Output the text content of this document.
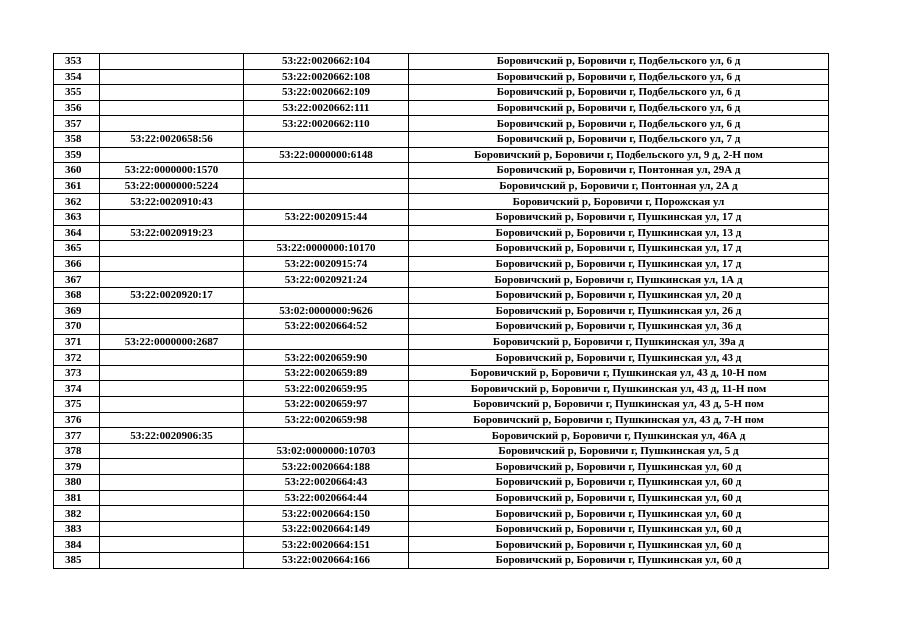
353		53:22:0020662:104	Боровичский р, Боровичи г, Подбельского ул, 6 д
354		53:22:0020662:108	Боровичский р, Боровичи г, Подбельского ул, 6 д
355		53:22:0020662:109	Боровичский р, Боровичи г, Подбельского ул, 6 д
356		53:22:0020662:111	Боровичский р, Боровичи г, Подбельского ул, 6 д
357		53:22:0020662:110	Боровичский р, Боровичи г, Подбельского ул, 6 д
358	53:22:0020658:56		Боровичский р, Боровичи г, Подбельского ул, 7 д
359		53:22:0000000:6148	Боровичский р, Боровичи г, Подбельского ул, 9 д, 2-Н пом
360	53:22:0000000:1570		Боровичский р, Боровичи г, Понтонная ул, 29А д
361	53:22:0000000:5224		Боровичский р, Боровичи г, Понтонная ул, 2А д
362	53:22:0020910:43		Боровичский р, Боровичи г, Порожская ул
363		53:22:0020915:44	Боровичский р, Боровичи г, Пушкинская ул, 17 д
364	53:22:0020919:23		Боровичский р, Боровичи г, Пушкинская ул, 13 д
365		53:22:0000000:10170	Боровичский р, Боровичи г, Пушкинская ул, 17 д
366		53:22:0020915:74	Боровичский р, Боровичи г, Пушкинская ул, 17 д
367		53:22:0020921:24	Боровичский р, Боровичи г, Пушкинская ул, 1А д
368	53:22:0020920:17		Боровичский р, Боровичи г, Пушкинская ул, 20 д
369		53:02:0000000:9626	Боровичский р, Боровичи г, Пушкинская ул, 26 д
370		53:22:0020664:52	Боровичский р, Боровичи г, Пушкинская ул, 36 д
371	53:22:0000000:2687		Боровичский р, Боровичи г, Пушкинская ул, 39а д
372		53:22:0020659:90	Боровичский р, Боровичи г, Пушкинская ул, 43 д
373		53:22:0020659:89	Боровичский р, Боровичи г, Пушкинская ул, 43 д, 10-Н пом
374		53:22:0020659:95	Боровичский р, Боровичи г, Пушкинская ул, 43 д, 11-Н пом
375		53:22:0020659:97	Боровичский р, Боровичи г, Пушкинская ул, 43 д, 5-Н пом
376		53:22:0020659:98	Боровичский р, Боровичи г, Пушкинская ул, 43 д, 7-Н пом
377	53:22:0020906:35		Боровичский р, Боровичи г, Пушкинская ул, 46А д
378		53:02:0000000:10703	Боровичский р, Боровичи г, Пушкинская ул, 5 д
379		53:22:0020664:188	Боровичский р, Боровичи г, Пушкинская ул, 60 д
380		53:22:0020664:43	Боровичский р, Боровичи г, Пушкинская ул, 60 д
381		53:22:0020664:44	Боровичский р, Боровичи г, Пушкинская ул, 60 д
382		53:22:0020664:150	Боровичский р, Боровичи г, Пушкинская ул, 60 д
383		53:22:0020664:149	Боровичский р, Боровичи г, Пушкинская ул, 60 д
384		53:22:0020664:151	Боровичский р, Боровичи г, Пушкинская ул, 60 д
385		53:22:0020664:166	Боровичский р, Боровичи г, Пушкинская ул, 60 д
